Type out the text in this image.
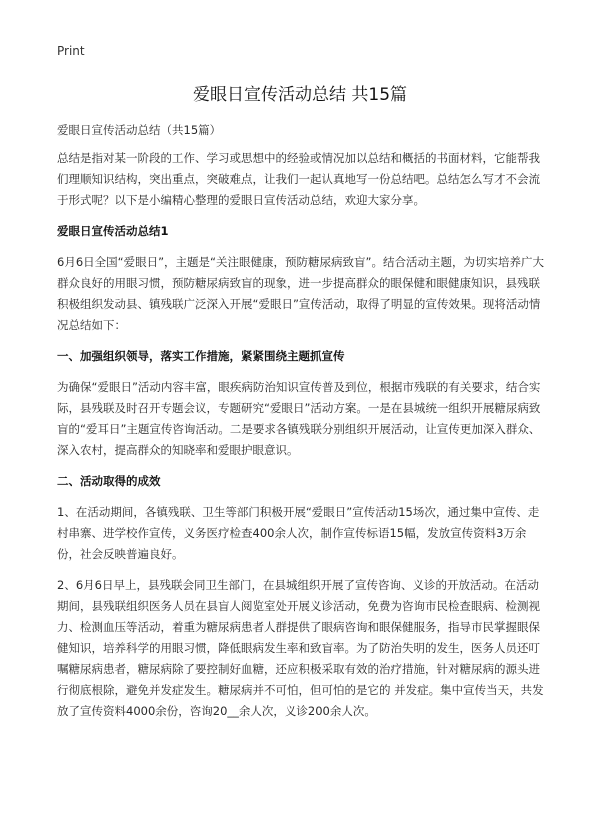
Print
爱眼日宣传活动总结 共15篇

爱眼日宣传活动总结（共15篇）

总结是指对某一阶段的工作、学习或思想中的经验或情况加以总结和概括的书面材料，它能帮我们理顺知识结构，突出重点，突破难点，让我们一起认真地写一份总结吧。总结怎么写才不会流于形式呢？以下是小编精心整理的爱眼日宣传活动总结，欢迎大家分享。

爱眼日宣传活动总结1

6月6日全国“爱眼日”，主题是“关注眼健康，预防糖尿病致盲”。结合活动主题，为切实培养广大群众良好的用眼习惯，预防糖尿病致盲的现象，进一步提高群众的眼保健和眼健康知识，县残联积极组织发动县、镇残联广泛深入开展“爱眼日”宣传活动，取得了明显的宣传效果。现将活动情况总结如下：

一、加强组织领导，落实工作措施，紧紧围绕主题抓宣传

为确保“爱眼日”活动内容丰富，眼疾病防治知识宣传普及到位，根据市残联的有关要求，结合实际，县残联及时召开专题会议，专题研究“爱眼日”活动方案。一是在县城统一组织开展糖尿病致盲的“爱耳日”主题宣传咨询活动。二是要求各镇残联分别组织开展活动，让宣传更加深入群众、深入农村，提高群众的知晓率和爱眼护眼意识。

二、活动取得的成效

1、在活动期间，各镇残联、卫生等部门积极开展“爱眼日”宣传活动15场次，通过集中宣传、走村串寨、进学校作宣传，义务医疗检查400余人次，制作宣传标语15幅，发放宣传资料3万余份，社会反映普遍良好。

2、6月6日早上，县残联会同卫生部门，在县城组织开展了宣传咨询、义诊的开放活动。在活动期间，县残联组织医务人员在县盲人阅览室处开展义诊活动，免费为咨询市民检查眼病、检测视力、检测血压等活动，着重为糖尿病患者人群提供了眼病咨询和眼保健服务，指导市民掌握眼保健知识，培养科学的用眼习惯，降低眼病发生率和致盲率。为了防治失明的发生，医务人员还叮嘱糖尿病患者，糖尿病除了要控制好血糖，还应积极采取有效的治疗措施，针对糖尿病的源头进行彻底根除，避免并发症发生。糖尿病并不可怕，但可怕的是它的 并发症。集中宣传当天，共发放了宣传资料4000余份，咨询20__余人次，义诊200余人次。
